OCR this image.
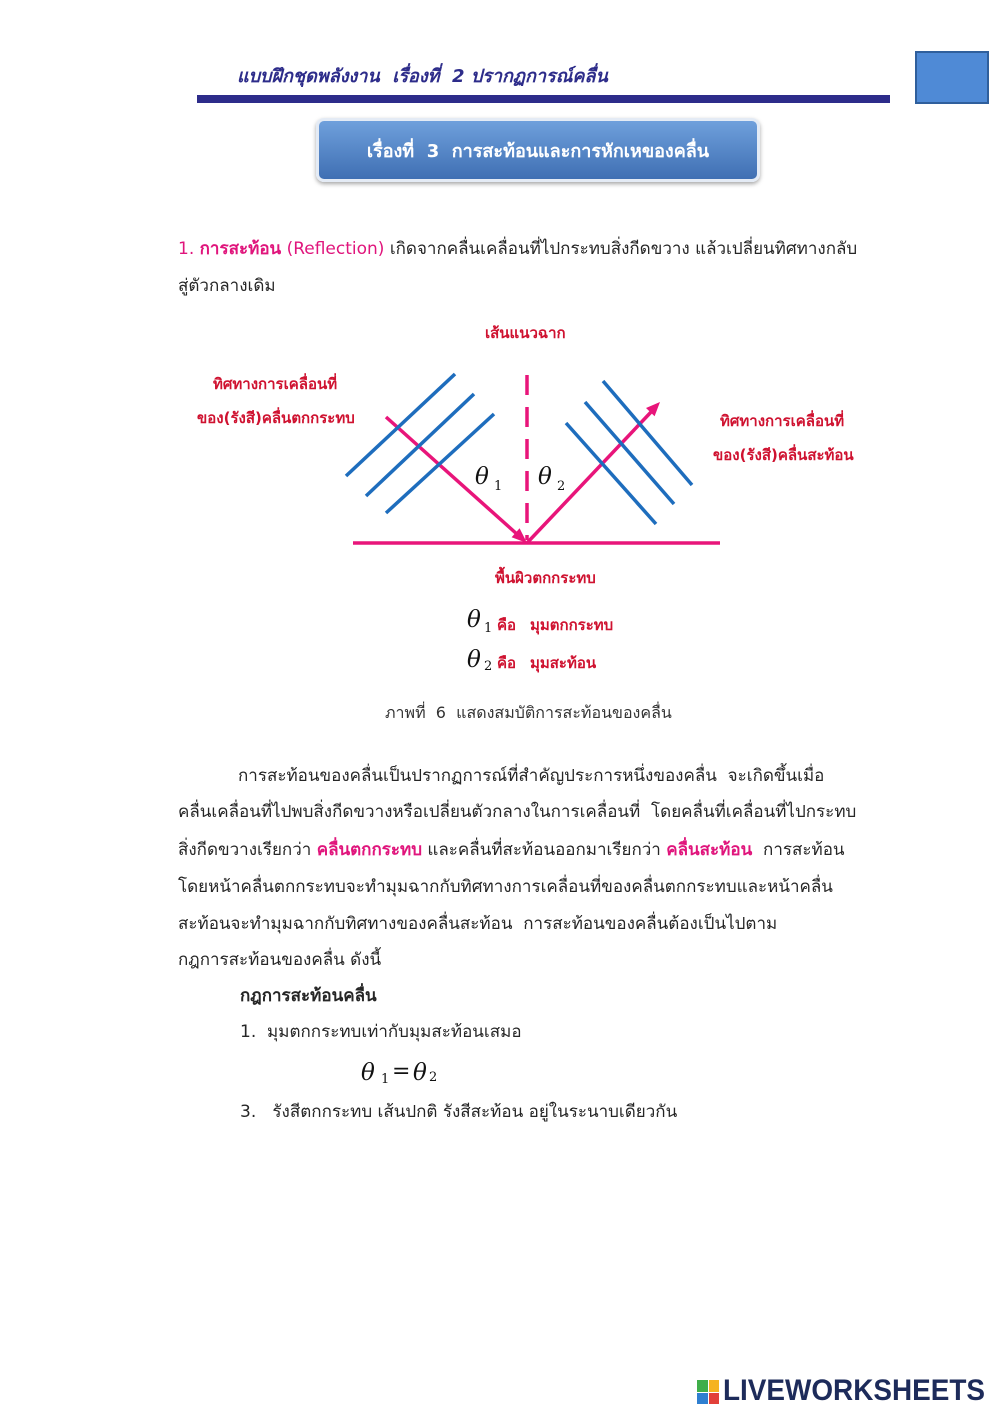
แบบฝึกชุดพลังงาน  เรื่องที่  2 ปรากฏการณ์คลื่น
เรื่องที่  3  การสะท้อนและการหักเหของคลื่น
1. การสะท้อน (Reflection) เกิดจากคลื่นเคลื่อนที่ไปกระทบสิ่งกีดขวาง แล้วเปลี่ยนทิศทางกลับ
สู่ตัวกลางเดิม
เส้นแนวฉาก
ทิศทางการเคลื่อนที่
ของ(รังสี)คลื่นตกกระทบ	ทิศทางการเคลื่อนที่
ของ(รังสี)คลื่นสะท้อน
พื้นผิวตกกระทบ
θ 1 θ 2
θ 1 คือ มุมตกกระทบ
θ 2 คือ มุมสะท้อน
ภาพที่  6  แสดงสมบัติการสะท้อนของคลื่น
การสะท้อนของคลื่นเป็นปรากฏการณ์ที่สำคัญประการหนึ่งของคลื่น  จะเกิดขึ้นเมื่อ
คลื่นเคลื่อนที่ไปพบสิ่งกีดขวางหรือเปลี่ยนตัวกลางในการเคลื่อนที่  โดยคลื่นที่เคลื่อนที่ไปกระทบ
สิ่งกีดขวางเรียกว่า คลื่นตกกระทบ และคลื่นที่สะท้อนออกมาเรียกว่า คลื่นสะท้อน  การสะท้อน
โดยหน้าคลื่นตกกระทบจะทำมุมฉากกับทิศทางการเคลื่อนที่ของคลื่นตกกระทบและหน้าคลื่น
สะท้อนจะทำมุมฉากกับทิศทางของคลื่นสะท้อน  การสะท้อนของคลื่นต้องเป็นไปตาม
กฎการสะท้อนของคลื่น ดังนี้
กฎการสะท้อนคลื่น
1.  มุมตกกระทบเท่ากับมุมสะท้อนเสมอ
θ 1 = θ 2
3.   รังสีตกกระทบ เส้นปกติ รังสีสะท้อน อยู่ในระนาบเดียวกัน
LIVEWORKSHEETS
